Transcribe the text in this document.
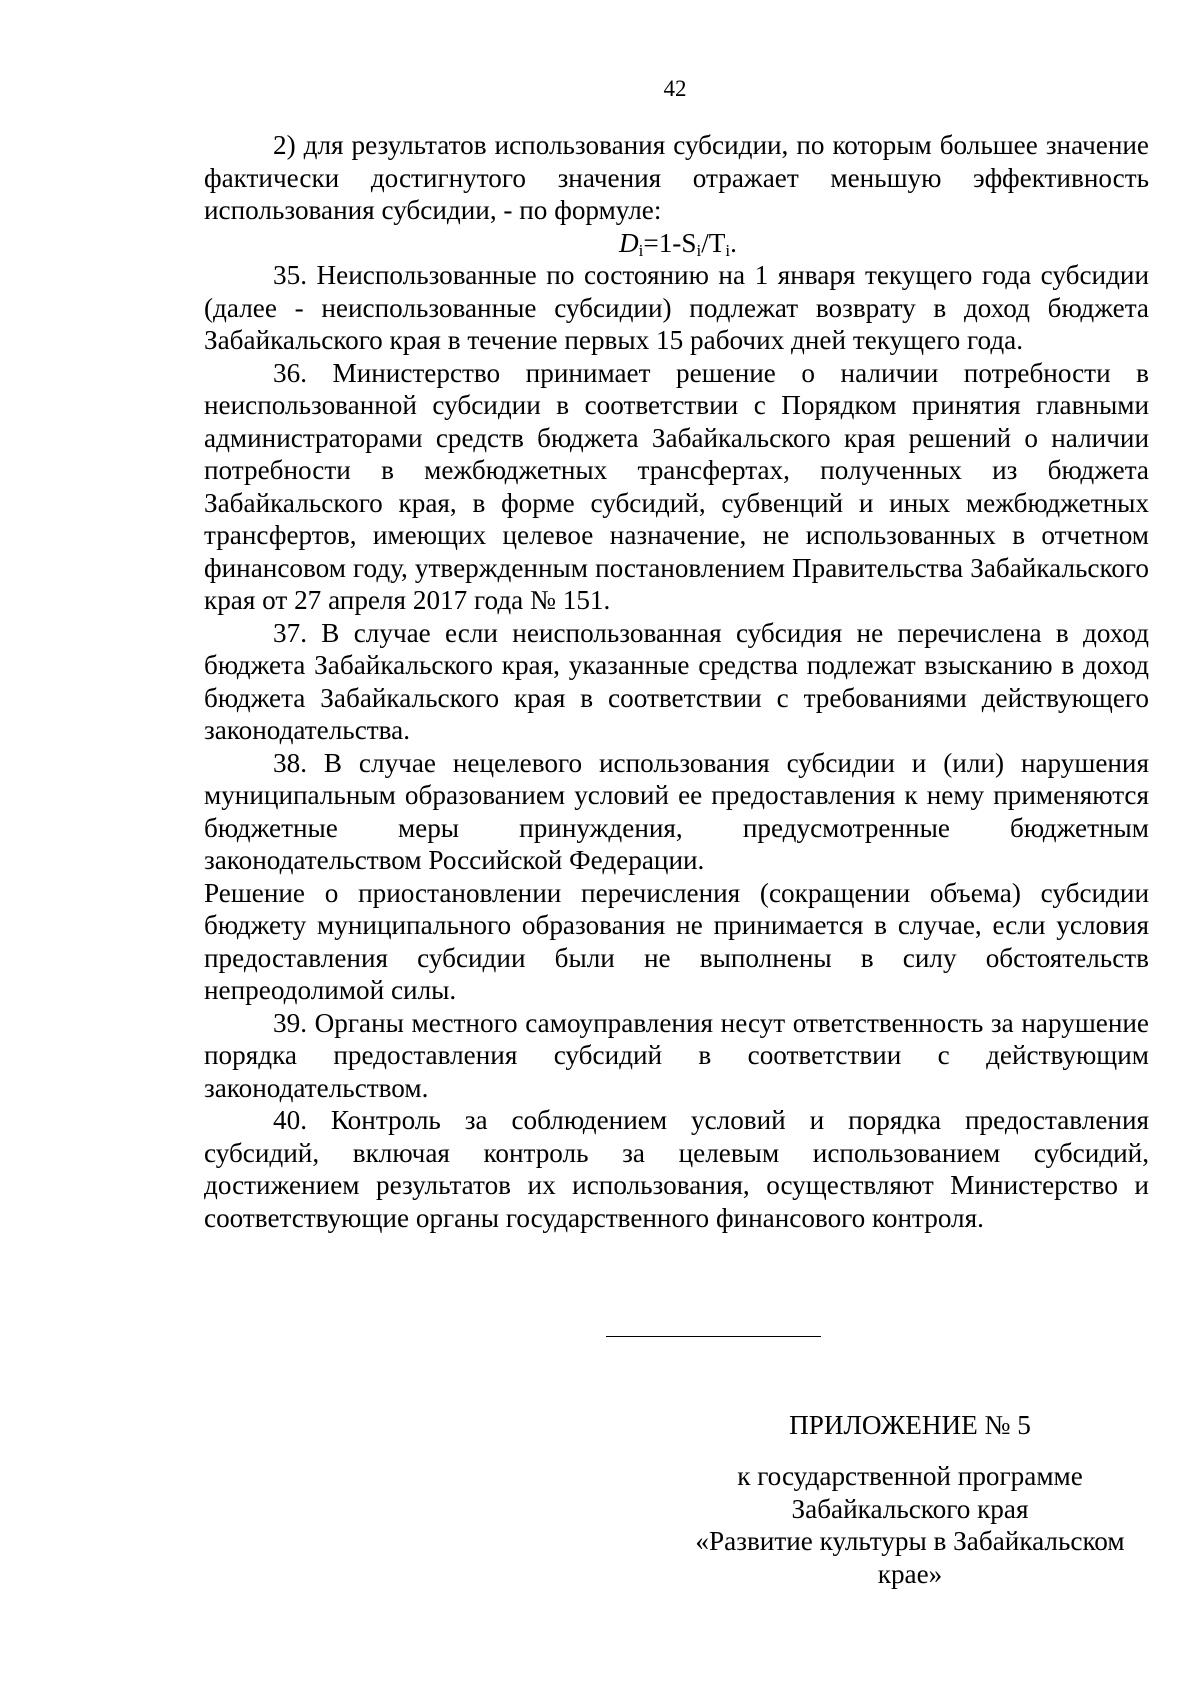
42

2) для результатов использования субсидии, по которым большее значение фактически достигнутого значения отражает меньшую эффективность использования субсидии, - по формуле:

$D_i=1-S_i/T_i$.

35. Неиспользованные по состоянию на 1 января текущего года субсидии (далее - неиспользованные субсидии) подлежат возврату в доход бюджета Забайкальского края в течение первых 15 рабочих дней текущего года.

36. Министерство принимает решение о наличии потребности в неиспользованной субсидии в соответствии с Порядком принятия главными администраторами средств бюджета Забайкальского края решений о наличии потребности в межбюджетных трансфертах, полученных из бюджета Забайкальского края, в форме субсидий, субвенций и иных межбюджетных трансфертов, имеющих целевое назначение, не использованных в отчетном финансовом году, утвержденным постановлением Правительства Забайкальского края от 27 апреля 2017 года № 151.

37. В случае если неиспользованная субсидия не перечислена в доход бюджета Забайкальского края, указанные средства подлежат взысканию в доход бюджета Забайкальского края в соответствии с требованиями действующего законодательства.

38. В случае нецелевого использования субсидии и (или) нарушения муниципальным образованием условий ее предоставления к нему применяются бюджетные меры принуждения, предусмотренные бюджетным законодательством Российской Федерации.

Решение о приостановлении перечисления (сокращении объема) субсидии бюджету муниципального образования не принимается в случае, если условия предоставления субсидии были не выполнены в силу обстоятельств непреодолимой силы.

39. Органы местного самоуправления несут ответственность за нарушение порядка предоставления субсидий в соответствии с действующим законодательством.

40. Контроль за соблюдением условий и порядка предоставления субсидий, включая контроль за целевым использованием субсидий, достижением результатов их использования, осуществляют Министерство и соответствующие органы государственного финансового контроля.

ПРИЛОЖЕНИЕ № 5
к государственной программе
Забайкальского края
«Развитие культуры в Забайкальском
крае»
